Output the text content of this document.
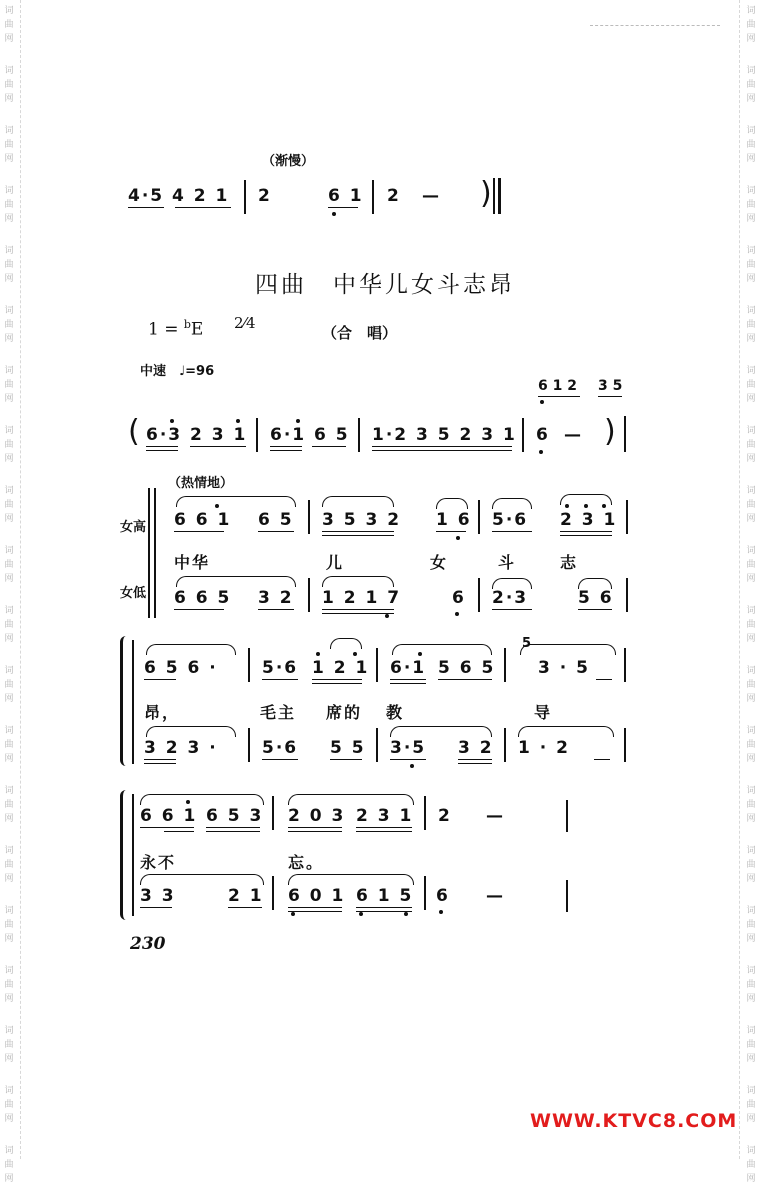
词
曲
网
词
曲
网
词
曲
网
词
曲
网
词
曲
网
词
曲
网
词
曲
网
词
曲
网
词
曲
网
词
曲
网
词
曲
网
词
曲
网
词
曲
网
词
曲
网
词
曲
网
词
曲
网
词
曲
网
词
曲
网
词
曲
网
词
曲
网
词
曲
网
词
曲
网
词
曲
网
词
曲
网
词
曲
网
词
曲
网
词
曲
网
词
曲
网
词
曲
网
词
曲
网
词
曲
网
词
曲
网
词
曲
网
词
曲
网
词
曲
网
词
曲
网
词
曲
网
词
曲
网
词
曲
网
词
曲
网
（渐慢）
4·5 4 2 1 2	6 1 2 — )
四曲 中华儿女斗志昂
1 = $^b$E 2⁄4
（合　唱）
中速　♩=96
6 1 2 3 5
( 6·3 2 3 1 6·1 6 5 1·2 3 5 2 3 1 6 — )
（热情地）
女高
女低
6 6 1 6 5 3 5 3 2 1 6 5·6 2 3 1
中华	儿	女	斗	志
6 6 5 3 2 1 2 1 7	6 2·3	5 6
6 5 6 ·	5·6 1 2 1 6·1 5 6 5
5
3 · 5
昂，	毛主 席的 教	导
3 2 3 ·	5·6 5 5 3·5 3 2 1 · 2
6 6 1 6 5 3 2 0 3 2 3 1 2 —
永不	忘。
3 3	2 1 6 0 1 6 1 5 6 —
230
WWW.KTVC8.COM
